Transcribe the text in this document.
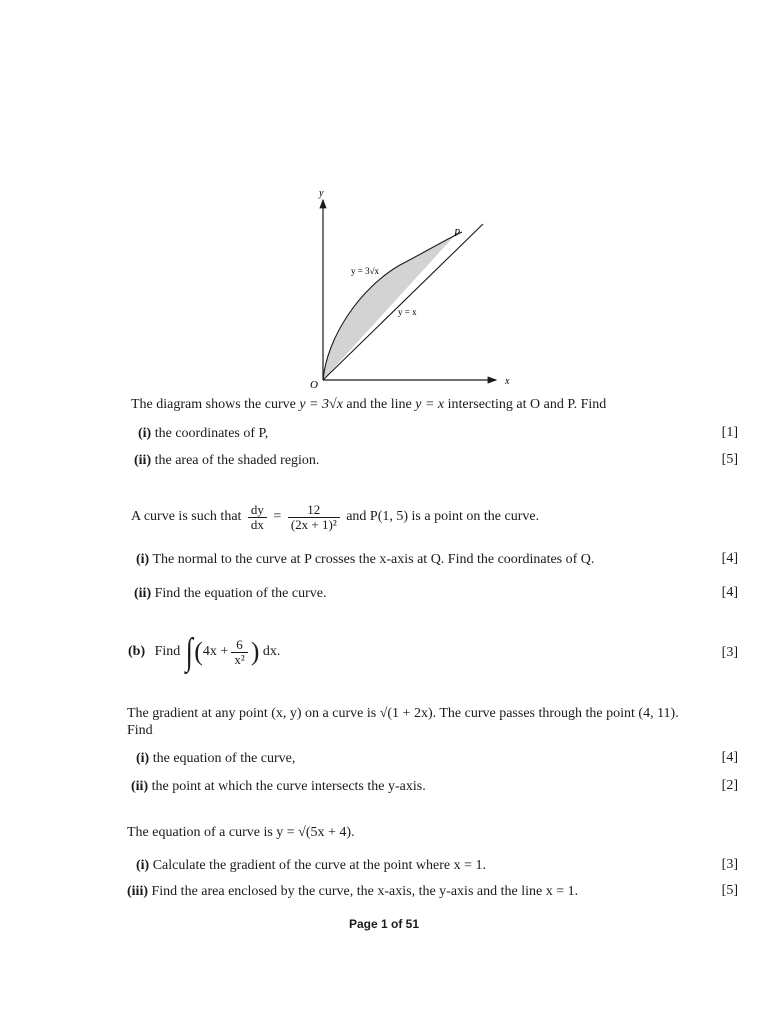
y
x
O
P
y = 3√x
y = x
The diagram shows the curve y = 3√x and the line y = x intersecting at O and P. Find
(i) the coordinates of P,	[1]
(ii) the area of the shaded region.	[5]
A curve is such that $\frac{dy}{dx} = \frac{12}{\text{(2x + 1)²}}$ and P(1, 5) is a point on the curve.
(i) The normal to the curve at P crosses the x-axis at Q. Find the coordinates of Q.	[4]
(ii) Find the equation of the curve.	[4]
(b) Find $\int(4x + \frac{6}{\text{x²}}$ ) dx.	[3]
The gradient at any point (x, y) on a curve is √(1 + 2x). The curve passes through the point (4, 11).
Find
(i) the equation of the curve,	[4]
(ii) the point at which the curve intersects the y-axis.	[2]
The equation of a curve is y = √(5x + 4).
(i) Calculate the gradient of the curve at the point where x = 1.	[3]
(iii) Find the area enclosed by the curve, the x-axis, the y-axis and the line x = 1.	[5]
Page 1 of 51
